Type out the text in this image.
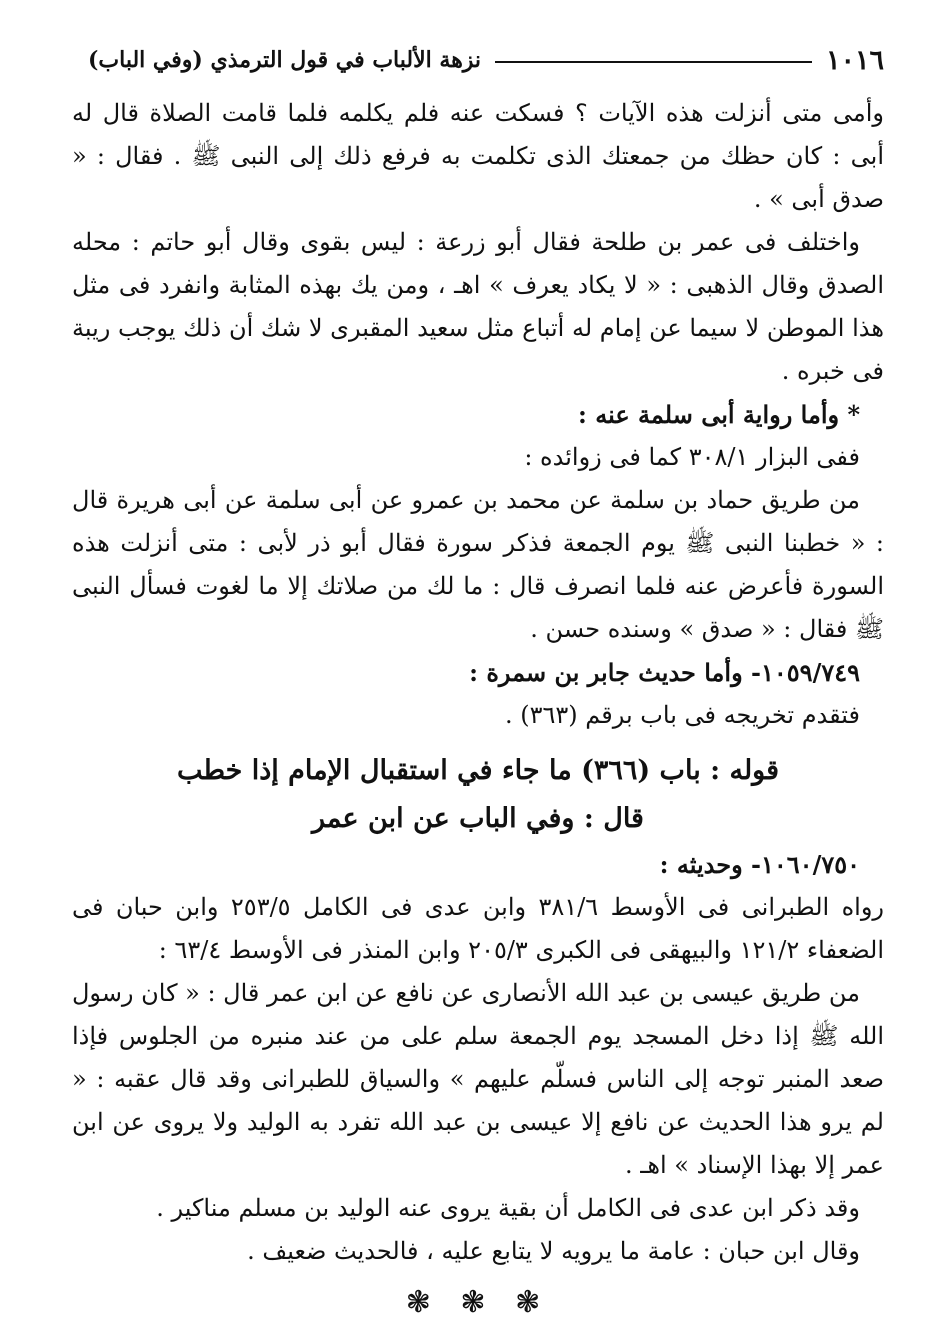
١٠١٦
نزهة الألباب في قول الترمذي (وفي الباب)

وأمى متى أنزلت هذه الآيات ؟ فسكت عنه فلم يكلمه فلما قامت الصلاة قال له أبى : كان حظك من جمعتك الذى تكلمت به فرفع ذلك إلى النبى ﷺ . فقال : « صدق أبى » .

واختلف فى عمر بن طلحة فقال أبو زرعة : ليس بقوى وقال أبو حاتم : محله الصدق وقال الذهبى : « لا يكاد يعرف » اهـ ، ومن يك بهذه المثابة وانفرد فى مثل هذا الموطن لا سيما عن إمام له أتباع مثل سعيد المقبرى لا شك أن ذلك يوجب ريبة فى خبره .

* وأما رواية أبى سلمة عنه :

ففى البزار ٣٠٨/١ كما فى زوائده :

من طريق حماد بن سلمة عن محمد بن عمرو عن أبى سلمة عن أبى هريرة قال : « خطبنا النبى ﷺ يوم الجمعة فذكر سورة فقال أبو ذر لأبى : متى أنزلت هذه السورة فأعرض عنه فلما انصرف قال : ما لك من صلاتك إلا ما لغوت فسأل النبى ﷺ فقال : « صدق » وسنده حسن .

١٠٥٩/٧٤٩- وأما حديث جابر بن سمرة :

فتقدم تخريجه فى باب برقم (٣٦٣) .

قوله : باب (٣٦٦) ما جاء في استقبال الإمام إذا خطب

قال : وفي الباب عن ابن عمر

١٠٦٠/٧٥٠- وحديثه :

رواه الطبرانى فى الأوسط ٣٨١/٦ وابن عدى فى الكامل ٢٥٣/٥ وابن حبان فى الضعفاء ١٢١/٢ والبيهقى فى الكبرى ٢٠٥/٣ وابن المنذر فى الأوسط ٦٣/٤ :

من طريق عيسى بن عبد الله الأنصارى عن نافع عن ابن عمر قال : « كان رسول الله ﷺ إذا دخل المسجد يوم الجمعة سلم على من عند منبره من الجلوس فإذا صعد المنبر توجه إلى الناس فسلّم عليهم » والسياق للطبرانى وقد قال عقبه : « لم يرو هذا الحديث عن نافع إلا عيسى بن عبد الله تفرد به الوليد ولا يروى عن ابن عمر إلا بهذا الإسناد » اهـ .

وقد ذكر ابن عدى فى الكامل أن بقية يروى عنه الوليد بن مسلم مناكير .

وقال ابن حبان : عامة ما يرويه لا يتابع عليه ، فالحديث ضعيف .

❃ ❃ ❃
